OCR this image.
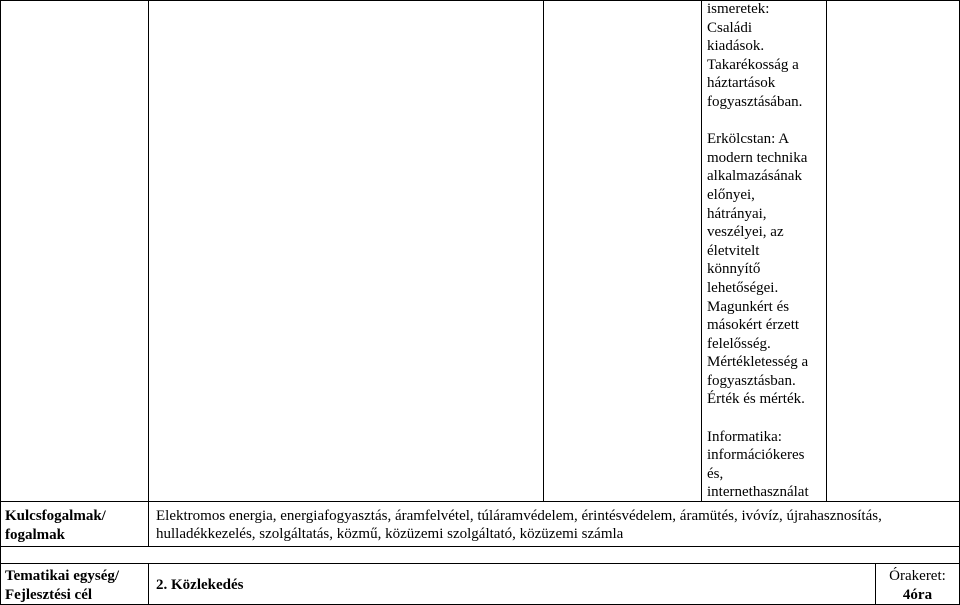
ismeretek:
Családi
kiadások.
Takarékosság a
háztartások
fogyasztásában.
Erkölcstan: A
modern technika
alkalmazásának
előnyei,
hátrányai,
veszélyei, az
életvitelt
könnyítő
lehetőségei.
Magunkért és
másokért érzett
felelősség.
Mértékletesség a
fogyasztásban.
Érték és mérték.
Informatika:
információkeres
és,
internethasználat
Kulcsfogalmak/
fogalmak
Elektromos energia, energiafogyasztás, áramfelvétel, túláramvédelem, érintésvédelem, áramütés, ivóvíz, újrahasznosítás,
hulladékkezelés, szolgáltatás, közmű, közüzemi szolgáltató, közüzemi számla
Tematikai egység/
Fejlesztési cél
2. Közlekedés
Órakeret:
4óra
